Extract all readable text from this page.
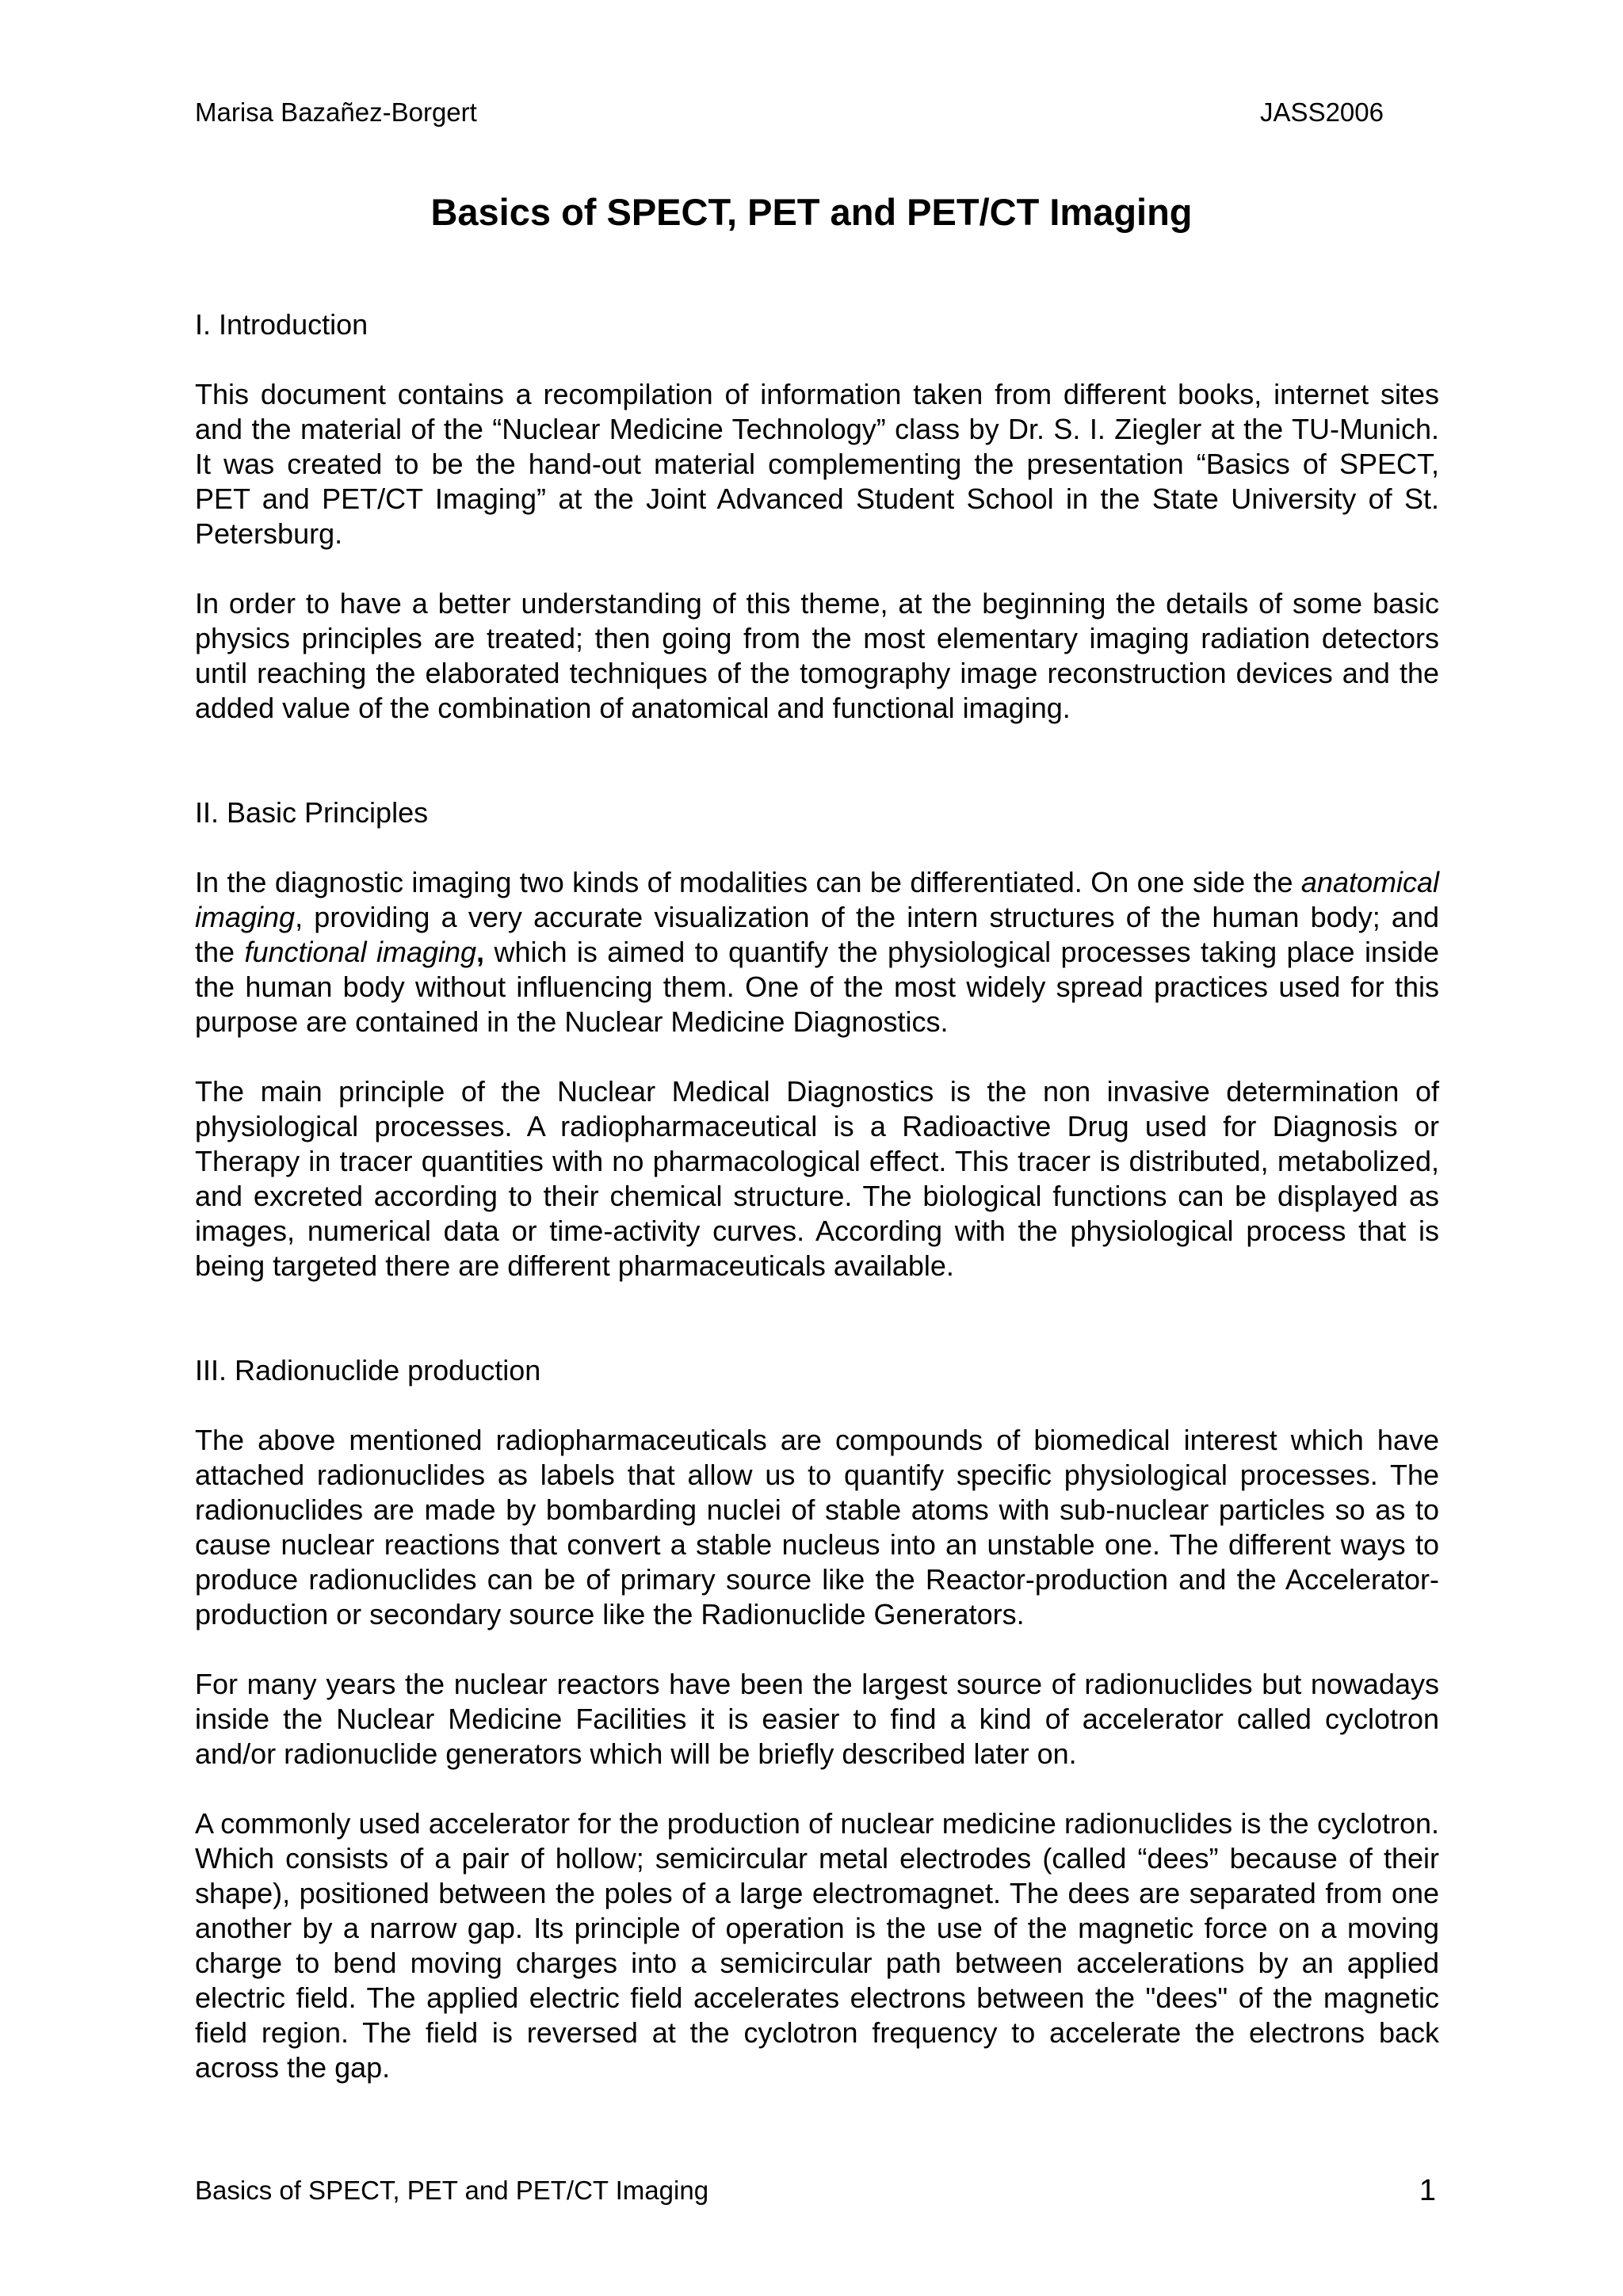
Marisa Bazañez-Borgert	JASS2006
Basics of SPECT, PET and PET/CT Imaging

I. Introduction

This document contains a recompilation of information taken from different books, internet sites and the material of the “Nuclear Medicine Technology” class by Dr. S. I. Ziegler at the TU-Munich. It was created to be the hand-out material complementing the presentation “Basics of SPECT, PET and PET/CT Imaging” at the Joint Advanced Student School in the State University of St. Petersburg.

In order to have a better understanding of this theme, at the beginning the details of some basic physics principles are treated; then going from the most elementary imaging radiation detectors until reaching the elaborated techniques of the tomography image reconstruction devices and the added value of the combination of anatomical and functional imaging.

II. Basic Principles

In the diagnostic imaging two kinds of modalities can be differentiated. On one side the anatomical imaging, providing a very accurate visualization of the intern structures of the human body; and the functional imaging, which is aimed to quantify the physiological processes taking place inside the human body without influencing them. One of the most widely spread practices used for this purpose are contained in the Nuclear Medicine Diagnostics.

The main principle of the Nuclear Medical Diagnostics is the non invasive determination of physiological processes. A radiopharmaceutical is a Radioactive Drug used for Diagnosis or Therapy in tracer quantities with no pharmacological effect. This tracer is distributed, metabolized, and excreted according to their chemical structure. The biological functions can be displayed as images, numerical data or time-activity curves. According with the physiological process that is being targeted there are different pharmaceuticals available.

III. Radionuclide production

The above mentioned radiopharmaceuticals are compounds of biomedical interest which have attached radionuclides as labels that allow us to quantify specific physiological processes. The radionuclides are made by bombarding nuclei of stable atoms with sub-nuclear particles so as to cause nuclear reactions that convert a stable nucleus into an unstable one. The different ways to produce radionuclides can be of primary source like the Reactor-production and the Accelerator-production or secondary source like the Radionuclide Generators.

For many years the nuclear reactors have been the largest source of radionuclides but nowadays inside the Nuclear Medicine Facilities it is easier to find a kind of accelerator called cyclotron and/or radionuclide generators which will be briefly described later on.

A commonly used accelerator for the production of nuclear medicine radionuclides is the cyclotron. Which consists of a pair of hollow; semicircular metal electrodes (called “dees” because of their shape), positioned between the poles of a large electromagnet. The dees are separated from one another by a narrow gap. Its principle of operation is the use of the magnetic force on a moving charge to bend moving charges into a semicircular path between accelerations by an applied electric field. The applied electric field accelerates electrons between the "dees" of the magnetic field region. The field is reversed at the cyclotron frequency to accelerate the electrons back across the gap.

Basics of SPECT, PET and PET/CT Imaging	1
